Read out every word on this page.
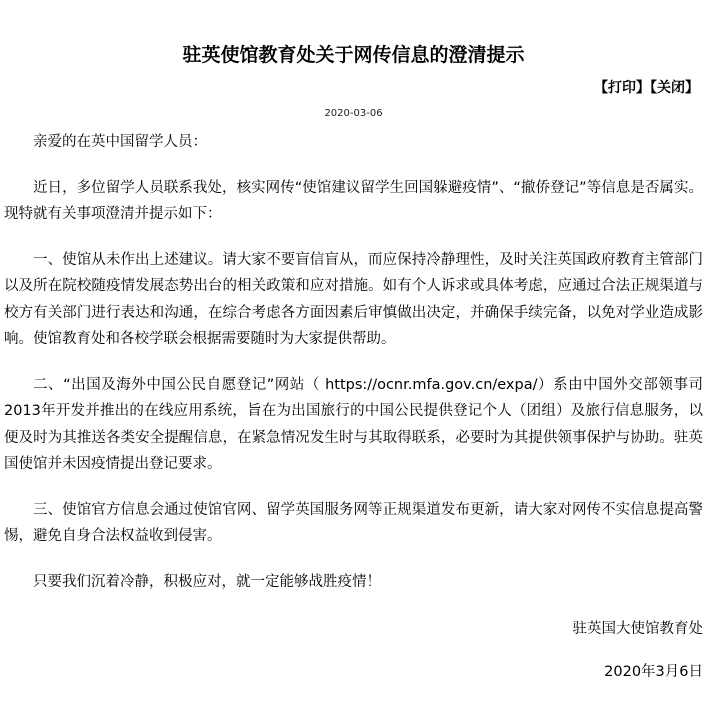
驻英使馆教育处关于网传信息的澄清提示
【打印】【关闭】
2020-03-06

亲爱的在英中国留学人员：

近日，多位留学人员联系我处，核实网传“使馆建议留学生回国躲避疫情”、“撤侨登记”等信息是否属实。现特就有关事项澄清并提示如下：

一、使馆从未作出上述建议。请大家不要盲信盲从，而应保持冷静理性，及时关注英国政府教育主管部门以及所在院校随疫情发展态势出台的相关政策和应对措施。如有个人诉求或具体考虑，应通过合法正规渠道与校方有关部门进行表达和沟通，在综合考虑各方面因素后审慎做出决定，并确保手续完备，以免对学业造成影响。使馆教育处和各校学联会根据需要随时为大家提供帮助。

二、“出国及海外中国公民自愿登记”网站（ https://ocnr.mfa.gov.cn/expa/）系由中国外交部领事司2013年开发并推出的在线应用系统，旨在为出国旅行的中国公民提供登记个人（团组）及旅行信息服务，以便及时为其推送各类安全提醒信息，在紧急情况发生时与其取得联系，必要时为其提供领事保护与协助。驻英国使馆并未因疫情提出登记要求。

三、使馆官方信息会通过使馆官网、留学英国服务网等正规渠道发布更新，请大家对网传不实信息提高警惕，避免自身合法权益收到侵害。

只要我们沉着冷静，积极应对，就一定能够战胜疫情！

驻英国大使馆教育处
2020年3月6日
